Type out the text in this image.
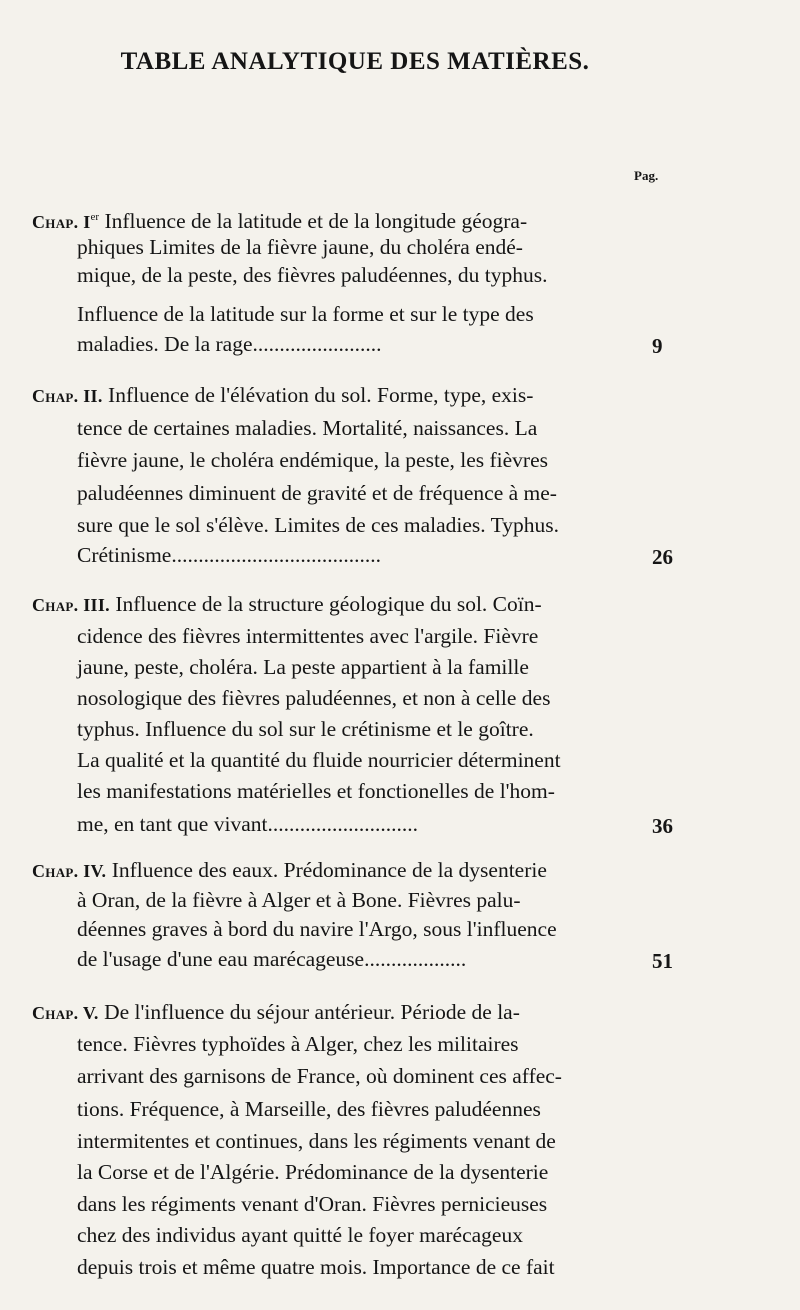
TABLE ANALYTIQUE DES MATIÈRES.
Pag.
Chap. Ier Influence de la latitude et de la longitude géogra-
phiques Limites de la fièvre jaune, du choléra endé-
mique, de la peste, des fièvres paludéennes, du typhus.
Influence de la latitude sur la forme et sur le type des
maladies. De la rage........................	9
Chap. II. Influence de l'élévation du sol. Forme, type, exis-
tence de certaines maladies. Mortalité, naissances. La
fièvre jaune, le choléra endémique, la peste, les fièvres
paludéennes diminuent de gravité et de fréquence à me-
sure que le sol s'élève. Limites de ces maladies. Typhus.
Crétinisme.......................................	26
Chap. III. Influence de la structure géologique du sol. Coïn-
cidence des fièvres intermittentes avec l'argile. Fièvre
jaune, peste, choléra. La peste appartient à la famille
nosologique des fièvres paludéennes, et non à celle des
typhus. Influence du sol sur le crétinisme et le goître.
La qualité et la quantité du fluide nourricier déterminent
les manifestations matérielles et fonctionelles de l'hom-
me, en tant que vivant............................	36
Chap. IV. Influence des eaux. Prédominance de la dysenterie
à Oran, de la fièvre à Alger et à Bone. Fièvres palu-
déennes graves à bord du navire l'Argo, sous l'influence
de l'usage d'une eau marécageuse...................	51
Chap. V. De l'influence du séjour antérieur. Période de la-
tence. Fièvres typhoïdes à Alger, chez les militaires
arrivant des garnisons de France, où dominent ces affec-
tions. Fréquence, à Marseille, des fièvres paludéennes
intermitentes et continues, dans les régiments venant de
la Corse et de l'Algérie. Prédominance de la dysenterie
dans les régiments venant d'Oran. Fièvres pernicieuses
chez des individus ayant quitté le foyer marécageux
depuis trois et même quatre mois. Importance de ce fait
